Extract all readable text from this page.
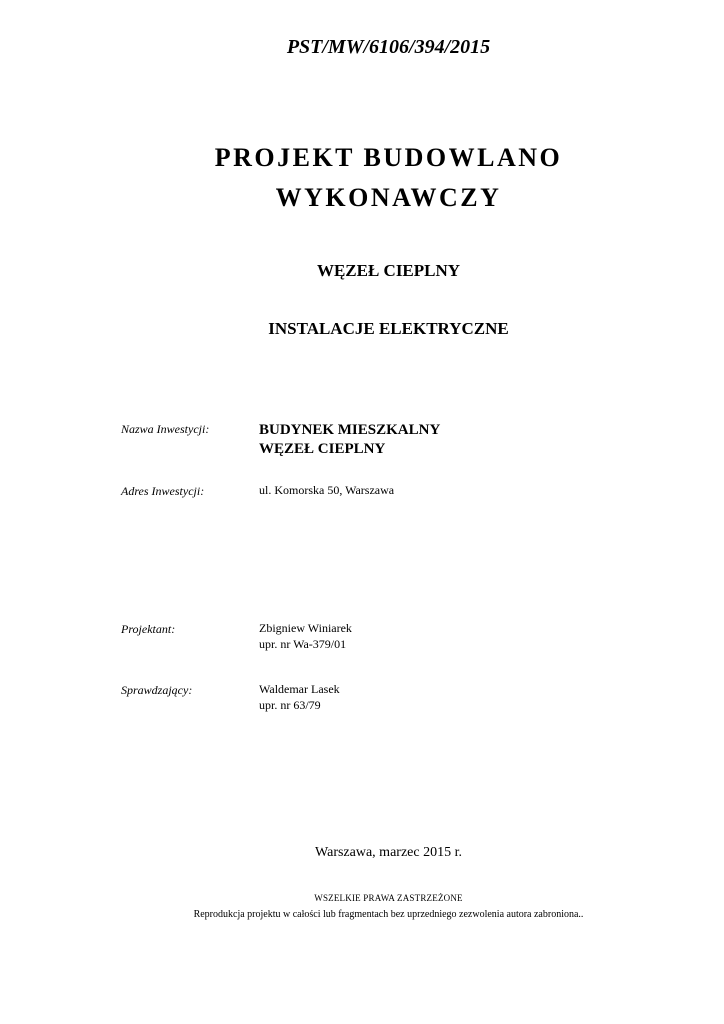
PST/MW/6106/394/2015
PROJEKT BUDOWLANO
WYKONAWCZY
WĘZEŁ CIEPLNY
INSTALACJE ELEKTRYCZNE
Nazwa Inwestycji:	BUDYNEK MIESZKALNY
WĘZEŁ CIEPLNY
Adres Inwestycji:	ul. Komorska 50, Warszawa
Projektant:	Zbigniew Winiarek
upr. nr Wa-379/01
Sprawdzający:	Waldemar Lasek
upr. nr 63/79
Warszawa, marzec 2015 r.
WSZELKIE PRAWA ZASTRZEŻONE
Reprodukcja projektu w całości lub fragmentach bez uprzedniego zezwolenia autora zabroniona..
